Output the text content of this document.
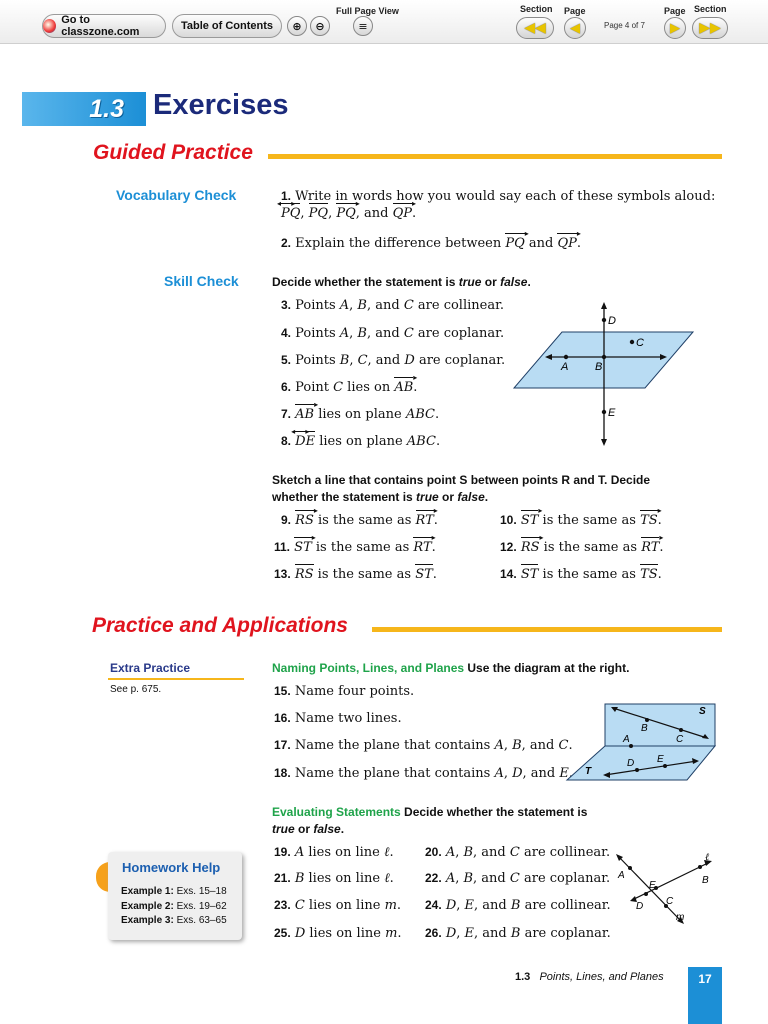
Go to classzone.com	Table of Contents ⊕ ⊖
Full Page View
≡
Section Page
◀◀ ◀	Page 4 of 7
Page Section
▶ ▶▶
1.3 Exercises
Guided Practice
Vocabulary Check	1. Write in words how you would say each of these symbols aloud:
PQ ◂    ▸, PQ, PQ ▸, and QP ▸.
2. Explain the difference between PQ ▸ and QP ▸.
Skill Check	Decide whether the statement is true or false.
3. Points A, B, and C are collinear.
4. Points A, B, and C are coplanar.
5. Points B, C, and D are coplanar.
6. Point C lies on AB ▸.
7. AB ▸ lies on plane ABC.
8. DE ◂    ▸ lies on plane ABC.
A B
C
D
E
Sketch a line that contains point S between points R and T. Decide
whether the statement is true or false.
9. RS ▸ is the same as RT ▸.	10. ST ▸ is the same as TS ▸.
11. ST ▸ is the same as RT ▸.	12. RS ▸ is the same as RT ▸.
13. RS is the same as ST.	14. ST is the same as TS.
Practice and Applications
Extra Practice
See p. 675.
Naming Points, Lines, and Planes Use the diagram at the right.
15. Name four points.
16. Name two lines.
17. Name the plane that contains A, B, and C.
18. Name the plane that contains A, D, and E.
B
C
A
D E
S
T
Evaluating Statements Decide whether the statement is
true or false.
19. A lies on line ℓ.	20. A, B, and C are collinear.
21. B lies on line ℓ.	22. A, B, and C are coplanar.
23. C lies on line m. 24. D, E, and B are collinear.
25. D lies on line m. 26. D, E, and B are coplanar.
A	B
D
E
C
m
ℓ
Homework Help
Example 1: Exs. 15–18
Example 2: Exs. 19–62
Example 3: Exs. 63–65
1.3 Points, Lines, and Planes	17
